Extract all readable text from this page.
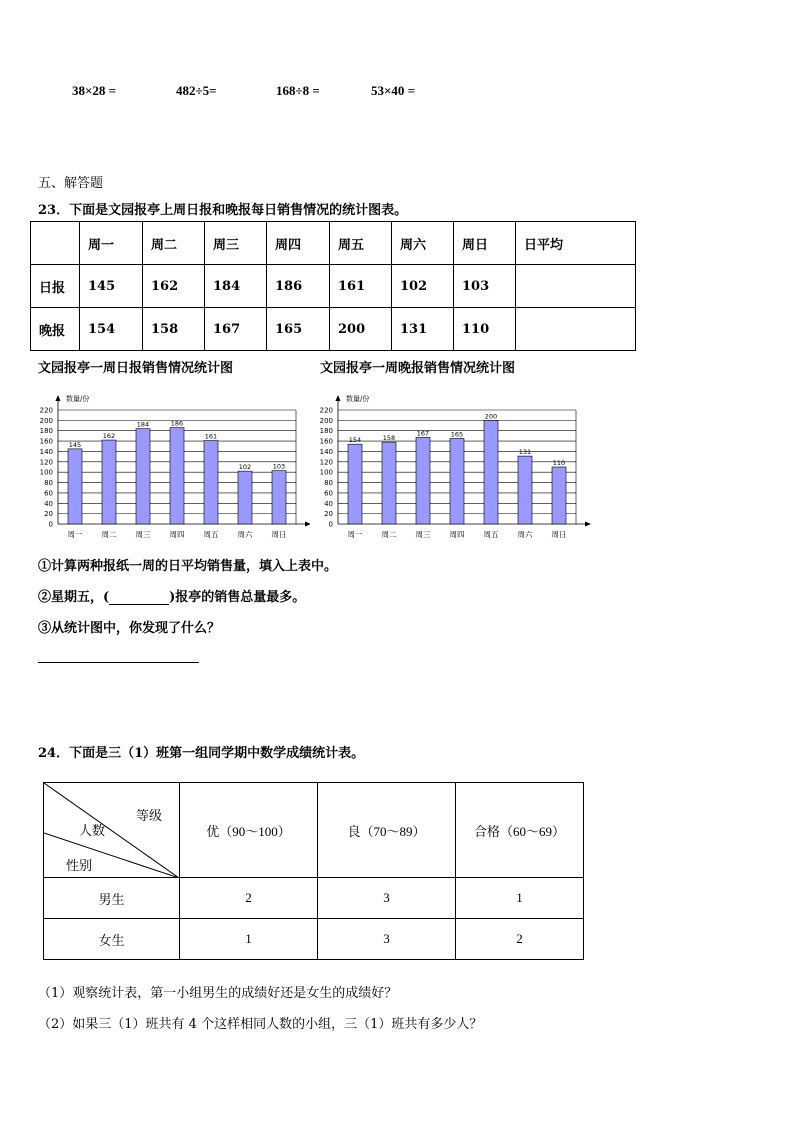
38×28 =	482÷5=	168÷8 =	53×40 =
五、解答题
23．下面是文园报亭上周日报和晚报每日销售情况的统计图表。
	周一	周二	周三	周四	周五	周六	周日	日平均
日报	145	162	184	186	161	102	103	
晚报	154	158	167	165	200	131	110	
文园报亭一周日报销售情况统计图	文园报亭一周晚报销售情况统计图
数量/份
0
20
40
60
80
100
120
140
160
180
200
220
145
周一
162
周二
184
周三
186
周四
161
周五
102
周六
103
周日
数量/份
0
20
40
60
80
100
120
140
160
180
200
220
154
周一
158
周二
167
周三
165
周四
200
周五
131
周六
110
周日
①计算两种报纸一周的日平均销售量，填入上表中。
②星期五，(	)报亭的销售总量最多。
③从统计图中，你发现了什么？
24．下面是三（1）班第一组同学期中数学成绩统计表。
等级
人数
性别	优（90～100）	良（70～89）	合格（60～69）
男生	2	3	1
女生	1	3	2
（1）观察统计表，第一小组男生的成绩好还是女生的成绩好？
（2）如果三（1）班共有 4 个这样相同人数的小组，三（1）班共有多少人？
